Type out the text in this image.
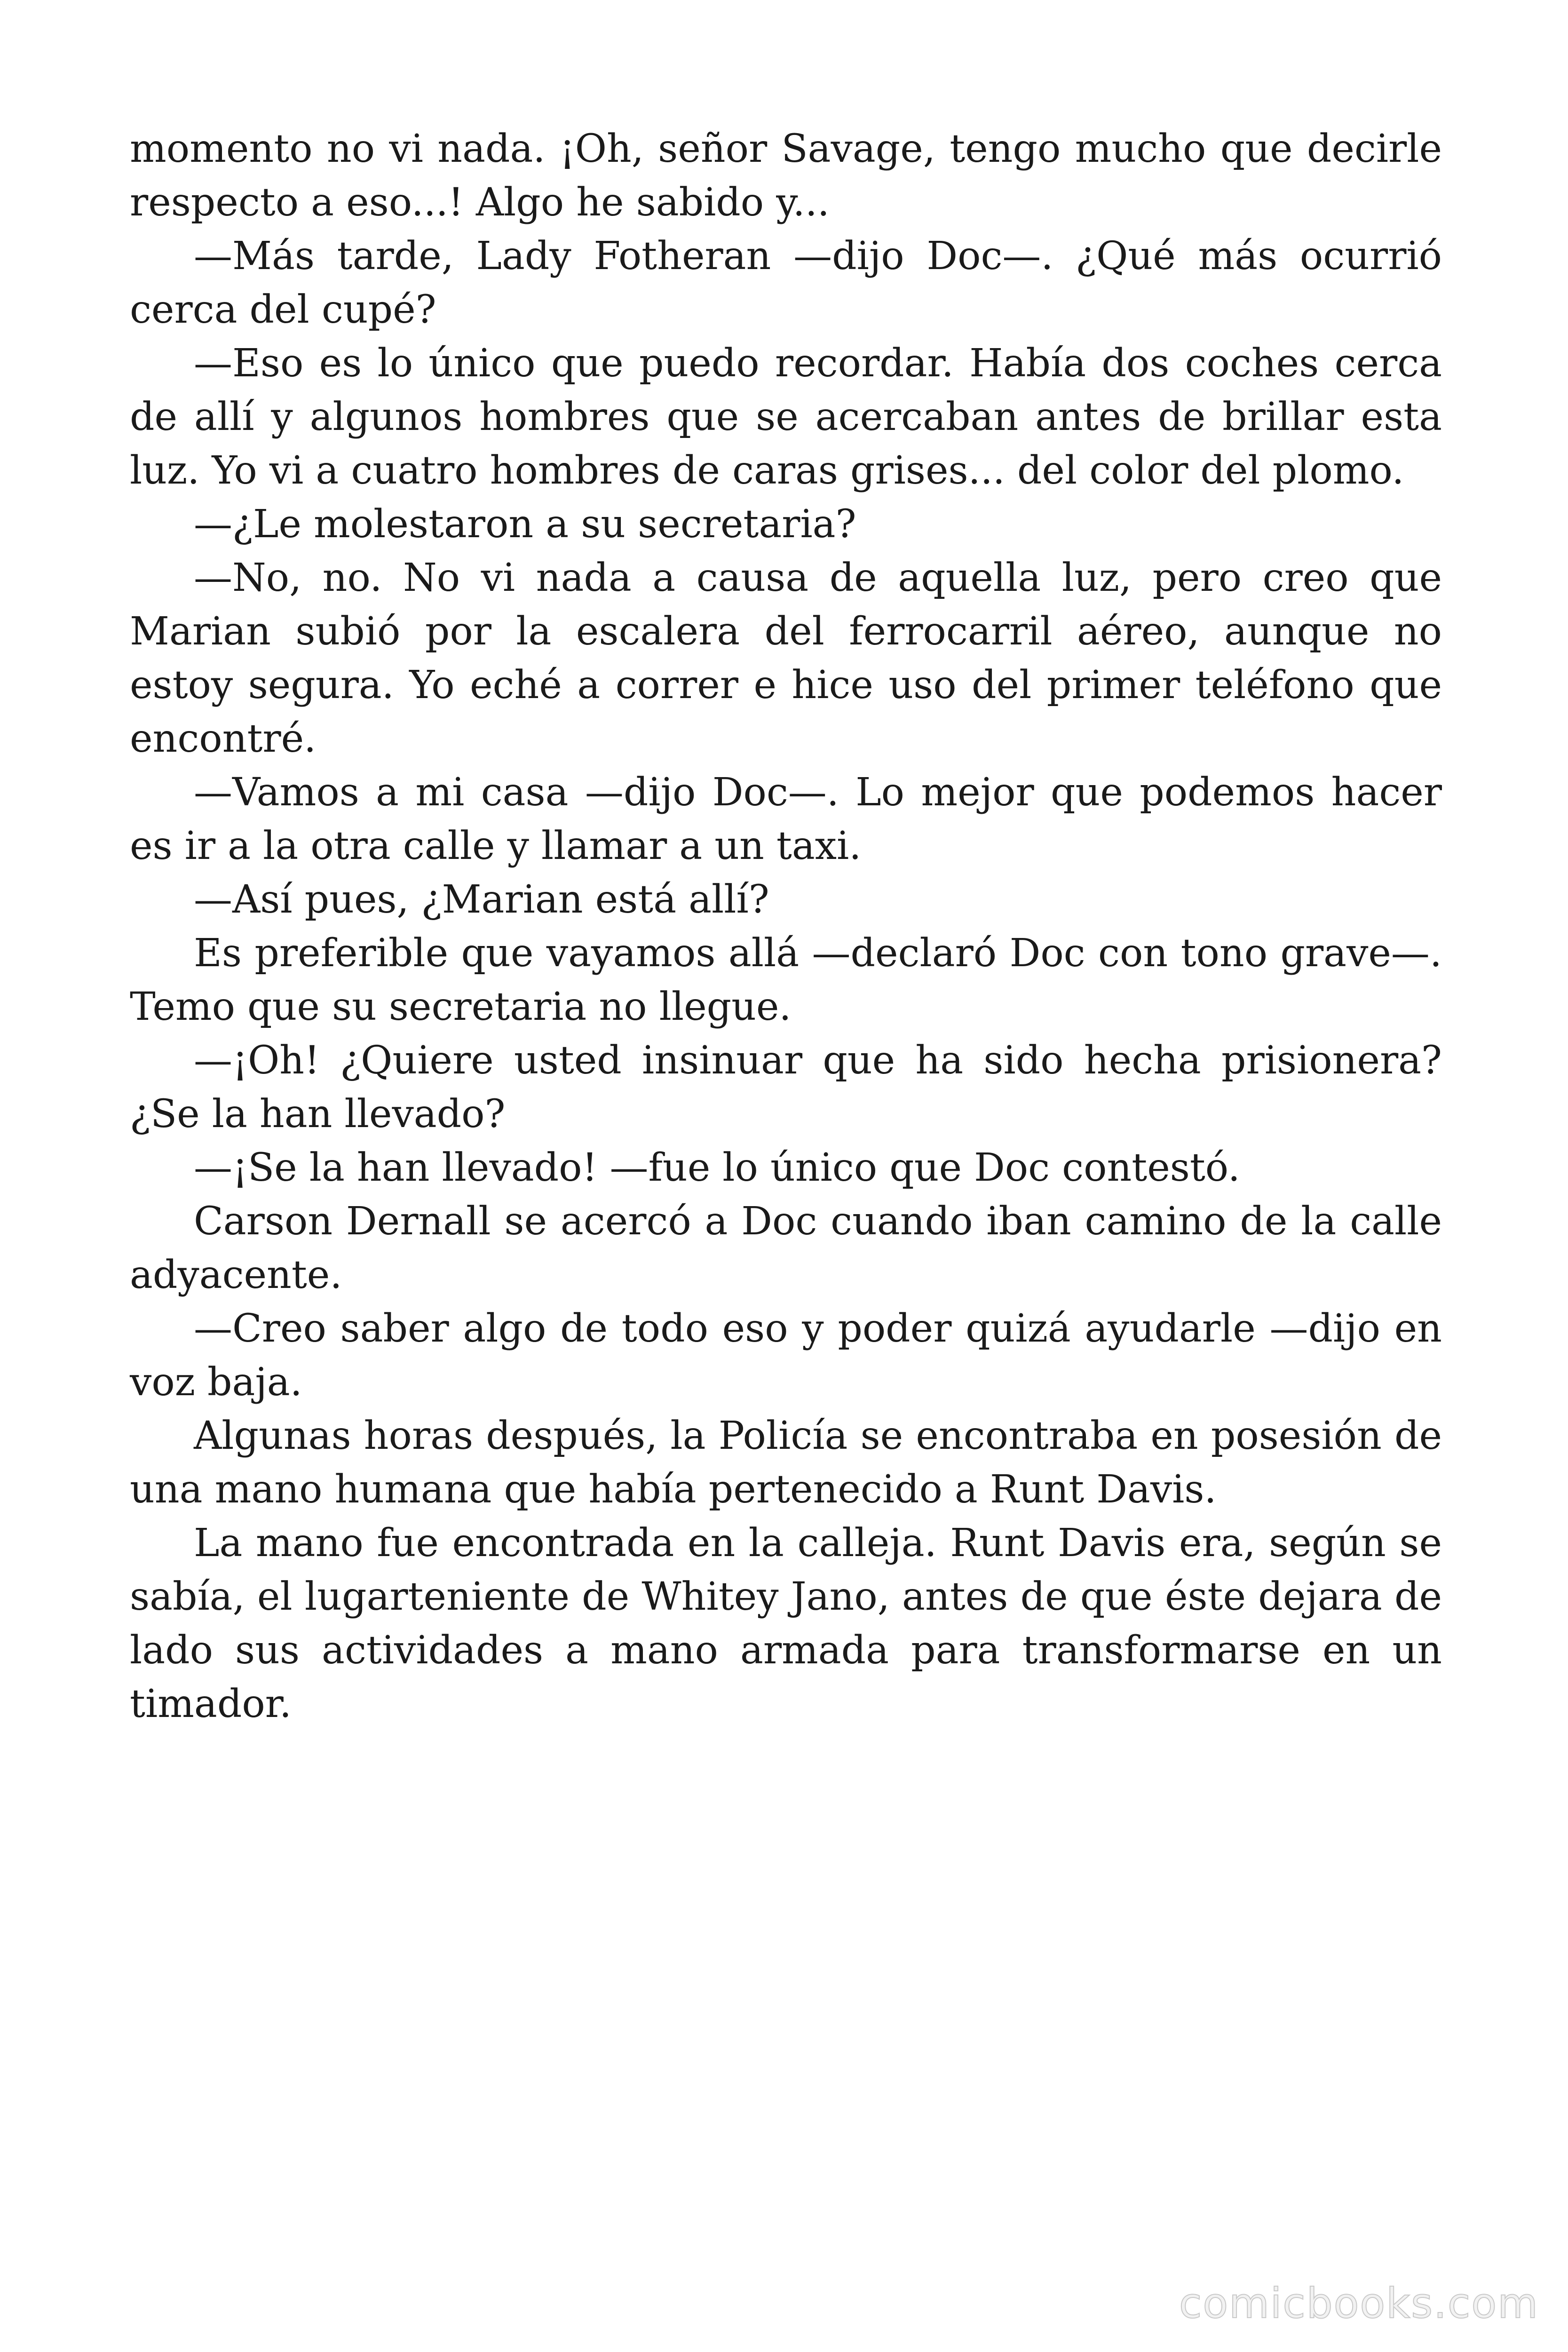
momento no vi nada. ¡Oh, señor Savage, tengo mucho que decirle respecto a eso...! Algo he sabido y...

—Más tarde, Lady Fotheran —dijo Doc—. ¿Qué más ocurrió cerca del cupé?

—Eso es lo único que puedo recordar. Había dos coches cerca de allí y algunos hombres que se acercaban antes de brillar esta luz. Yo vi a cuatro hombres de caras grises... del color del plomo.

—¿Le molestaron a su secretaria?

—No, no. No vi nada a causa de aquella luz, pero creo que Marian subió por la escalera del ferrocarril aéreo, aunque no estoy segura. Yo eché a correr e hice uso del primer teléfono que encontré.

—Vamos a mi casa —dijo Doc—. Lo mejor que podemos hacer es ir a la otra calle y llamar a un taxi.

—Así pues, ¿Marian está allí?

Es preferible que vayamos allá —declaró Doc con tono grave—. Temo que su secretaria no llegue.

—¡Oh! ¿Quiere usted insinuar que ha sido hecha prisionera? ¿Se la han llevado?

—¡Se la han llevado! —fue lo único que Doc contestó.

Carson Dernall se acercó a Doc cuando iban camino de la calle adyacente.

—Creo saber algo de todo eso y poder quizá ayudarle —dijo en voz baja.

Algunas horas después, la Policía se encontraba en posesión de una mano humana que había pertenecido a Runt Davis.

La mano fue encontrada en la calleja. Runt Davis era, según se sabía, el lugarteniente de Whitey Jano, antes de que éste dejara de lado sus actividades a mano armada para transformarse en un timador.

comicbooks.com
